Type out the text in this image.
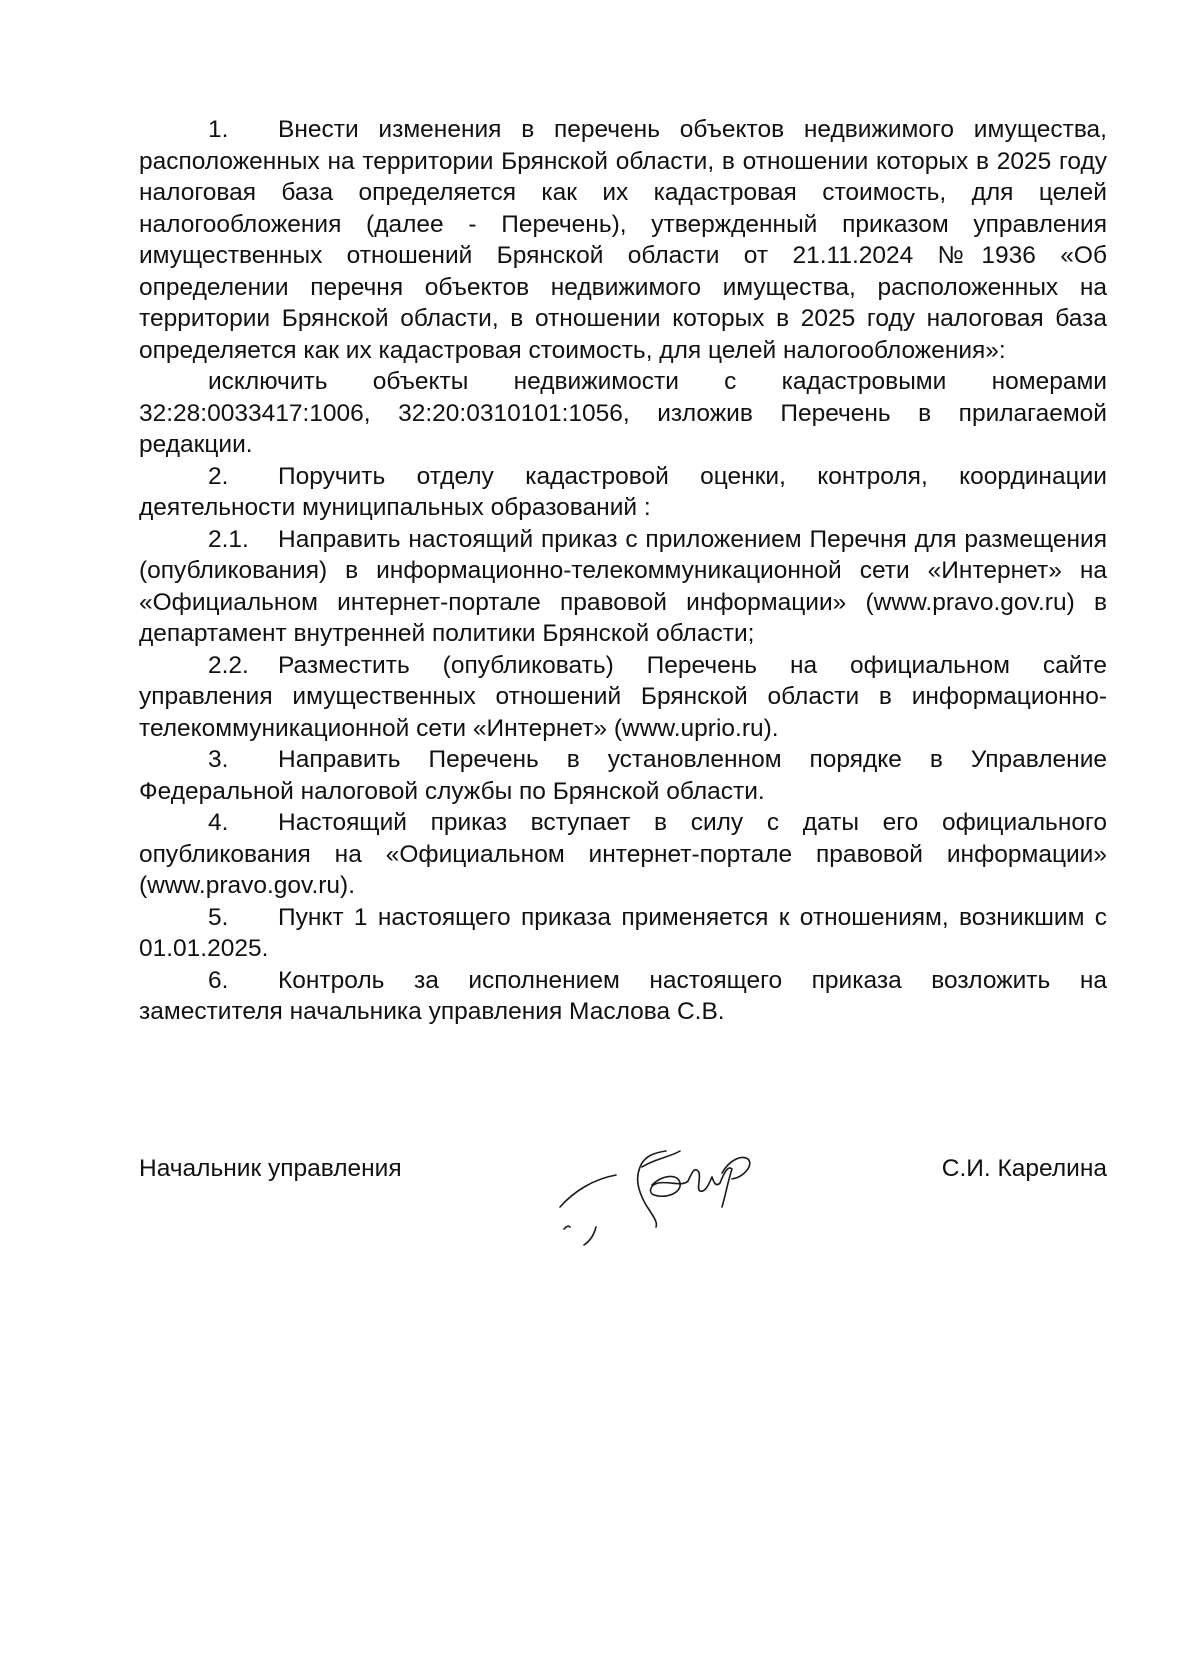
1. Внести изменения в перечень объектов недвижимого имущества, расположенных на территории Брянской области, в отношении которых в 2025 году налоговая база определяется как их кадастровая стоимость, для целей налогообложения (далее - Перечень), утвержденный приказом управления имущественных отношений Брянской области от 21.11.2024 №1936 «Об определении перечня объектов недвижимого имущества, расположенных на территории Брянской области, в отношении которых в 2025 году налоговая база определяется как их кадастровая стоимость, для целей налогообложения»:

исключить объекты недвижимости с кадастровыми номерами 32:28:0033417:1006, 32:20:0310101:1056, изложив Перечень в прилагаемой редакции.

2. Поручить отделу кадастровой оценки, контроля, координации деятельности муниципальных образований :

2.1. Направить настоящий приказ с приложением Перечня для размещения (опубликования) в информационно-телекоммуникационной сети «Интернет» на «Официальном интернет-портале правовой информации» (www.pravo.gov.ru) в департамент внутренней политики Брянской области;

2.2. Разместить (опубликовать) Перечень на официальном сайте управления имущественных отношений Брянской области в информационно-телекоммуникационной сети «Интернет» (www.uprio.ru).

3. Направить Перечень в установленном порядке в Управление Федеральной налоговой службы по Брянской области.

4. Настоящий приказ вступает в силу с даты его официального опубликования на «Официальном интернет-портале правовой информации» (www.pravo.gov.ru).

5. Пункт 1 настоящего приказа применяется к отношениям, возникшим с 01.01.2025.

6. Контроль за исполнением настоящего приказа возложить на заместителя начальника управления Маслова С.В.

Начальник управления	С.И. Карелина
